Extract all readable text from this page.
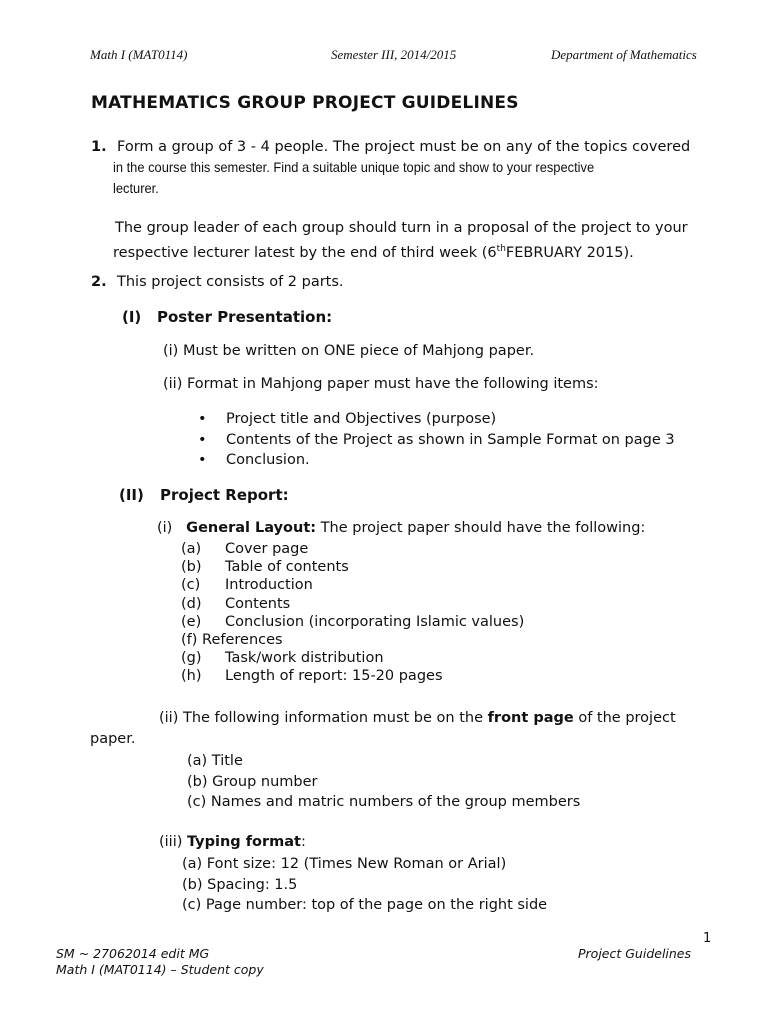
Math I (MAT0114)	Semester III, 2014/2015	Department of Mathematics
MATHEMATICS GROUP PROJECT GUIDELINES
1. Form a group of 3 - 4 people. The project must be on any of the topics covered
in the course this semester. Find a suitable unique topic and show to your respective
lecturer.
The group leader of each group should turn in a proposal of the project to your
respective lecturer latest by the end of third week (6thFEBRUARY 2015).
2. This project consists of 2 parts.
(I) Poster Presentation:
(i) Must be written on ONE piece of Mahjong paper.
(ii) Format in Mahjong paper must have the following items:
• Project title and Objectives (purpose)
• Contents of the Project as shown in Sample Format on page 3
• Conclusion.
(II) Project Report:
(i) General Layout: The project paper should have the following:
(a) Cover page
(b) Table of contents
(c) Introduction
(d) Contents
(e) Conclusion (incorporating Islamic values)
(f) References
(g) Task/work distribution
(h) Length of report: 15-20 pages
(ii) The following information must be on the front page of the project
paper.
(a) Title
(b) Group number
(c) Names and matric numbers of the group members
(iii) Typing format:
(a) Font size: 12 (Times New Roman or Arial)
(b) Spacing: 1.5
(c) Page number: top of the page on the right side
1
SM ~ 27062014 edit MG
Math I (MAT0114) – Student copy
Project Guidelines
